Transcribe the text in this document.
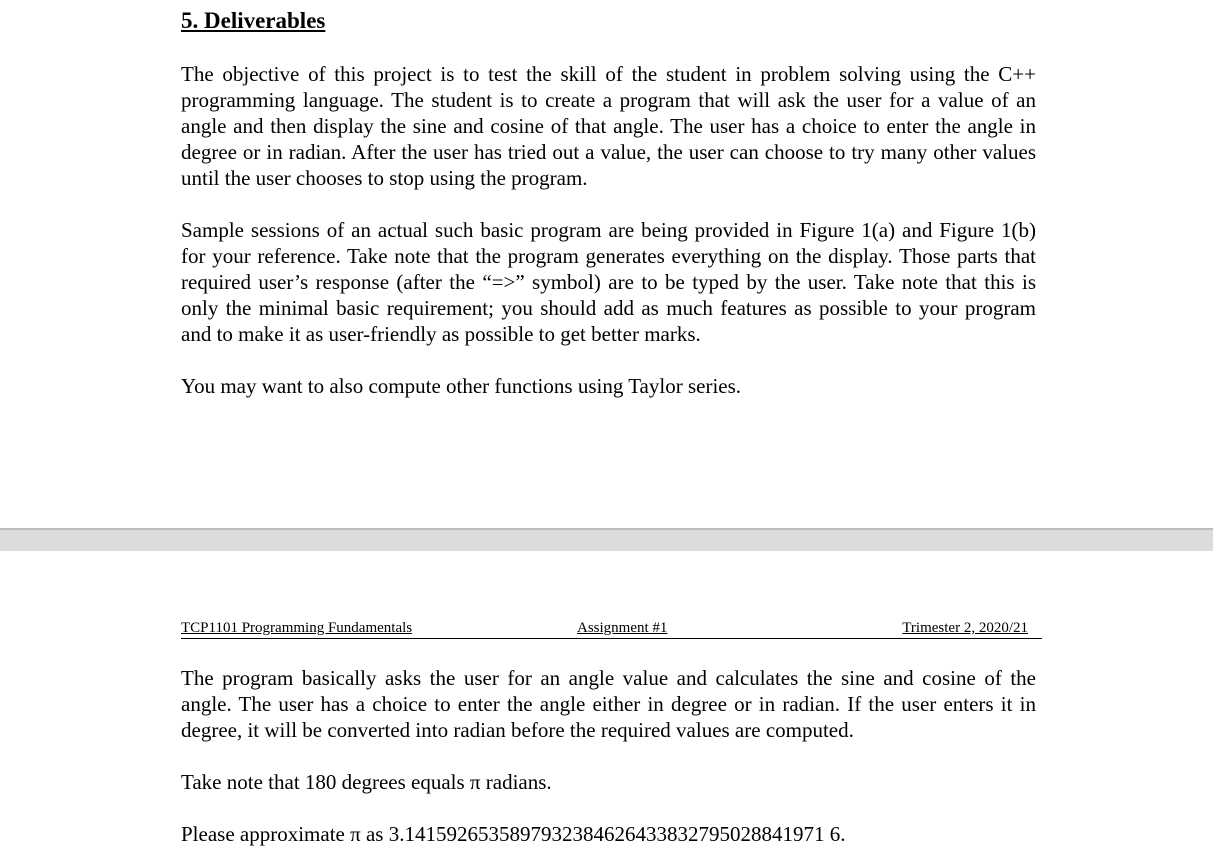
5. Deliverables

The objective of this project is to test the skill of the student in problem solving using the C++ programming language. The student is to create a program that will ask the user for a value of an angle and then display the sine and cosine of that angle. The user has a choice to enter the angle in degree or in radian. After the user has tried out a value, the user can choose to try many other values until the user chooses to stop using the program.

Sample sessions of an actual such basic program are being provided in Figure 1(a) and Figure 1(b) for your reference. Take note that the program generates everything on the display. Those parts that required user’s response (after the “=>” symbol) are to be typed by the user. Take note that this is only the minimal basic requirement; you should add as much features as possible to your program and to make it as user-friendly as possible to get better marks.

You may want to also compute other functions using Taylor series.

TCP1101 Programming Fundamentals	Assignment #1	Trimester 2, 2020/21

The program basically asks the user for an angle value and calculates the sine and cosine of the angle. The user has a choice to enter the angle either in degree or in radian. If the user enters it in degree, it will be converted into radian before the required values are computed.

Take note that 180 degrees equals π radians.

Please approximate π as 3.1415926535897932384626433832795028841971 6.
